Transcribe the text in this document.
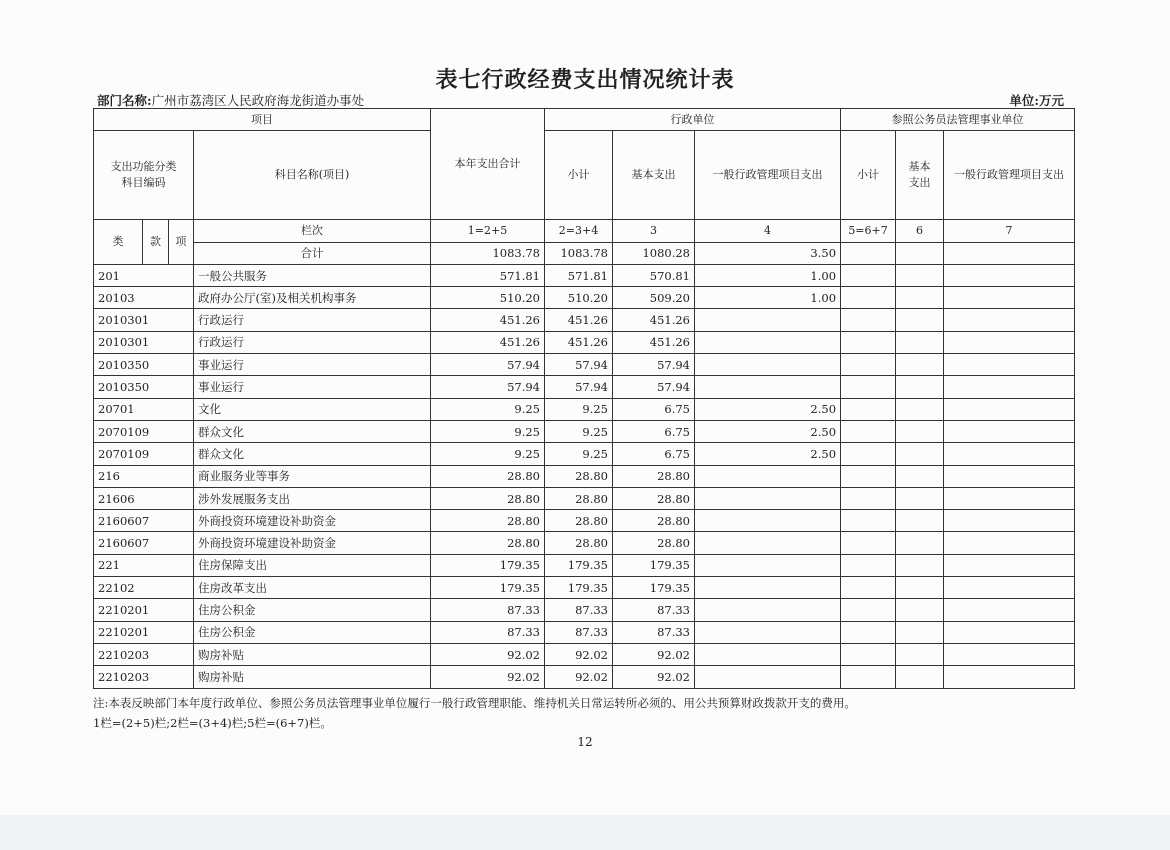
表七行政经费支出情况统计表
部门名称:广州市荔湾区人民政府海龙街道办事处	单位:万元
项目				本年支出合计	行政单位			参照公务员法管理事业单位		
支出功能分类科目编码			科目名称(项目)		小计	基本支出	一般行政管理项目支出	小计	基本支出	一般行政管理项目支出
类	款	项	栏次	1=2+5	2=3+4	3	4	5=6+7	6	7
			合计	1083.78	1083.78	1080.28	3.50			
201			一般公共服务	571.81	571.81	570.81	1.00			
20103			政府办公厅(室)及相关机构事务	510.20	510.20	509.20	1.00			
2010301			行政运行	451.26	451.26	451.26				
2010301			行政运行	451.26	451.26	451.26				
2010350			事业运行	57.94	57.94	57.94				
2010350			事业运行	57.94	57.94	57.94				
20701			文化	9.25	9.25	6.75	2.50			
2070109			群众文化	9.25	9.25	6.75	2.50			
2070109			群众文化	9.25	9.25	6.75	2.50			
216			商业服务业等事务	28.80	28.80	28.80				
21606			涉外发展服务支出	28.80	28.80	28.80				
2160607			外商投资环境建设补助资金	28.80	28.80	28.80				
2160607			外商投资环境建设补助资金	28.80	28.80	28.80				
221			住房保障支出	179.35	179.35	179.35				
22102			住房改革支出	179.35	179.35	179.35				
2210201			住房公积金	87.33	87.33	87.33				
2210201			住房公积金	87.33	87.33	87.33				
2210203			购房补贴	92.02	92.02	92.02				
2210203			购房补贴	92.02	92.02	92.02				
注:本表反映部门本年度行政单位、参照公务员法管理事业单位履行一般行政管理职能、维持机关日常运转所必须的、用公共预算财政拨款开支的费用。
1栏=(2+5)栏;2栏=(3+4)栏;5栏=(6+7)栏。
12
